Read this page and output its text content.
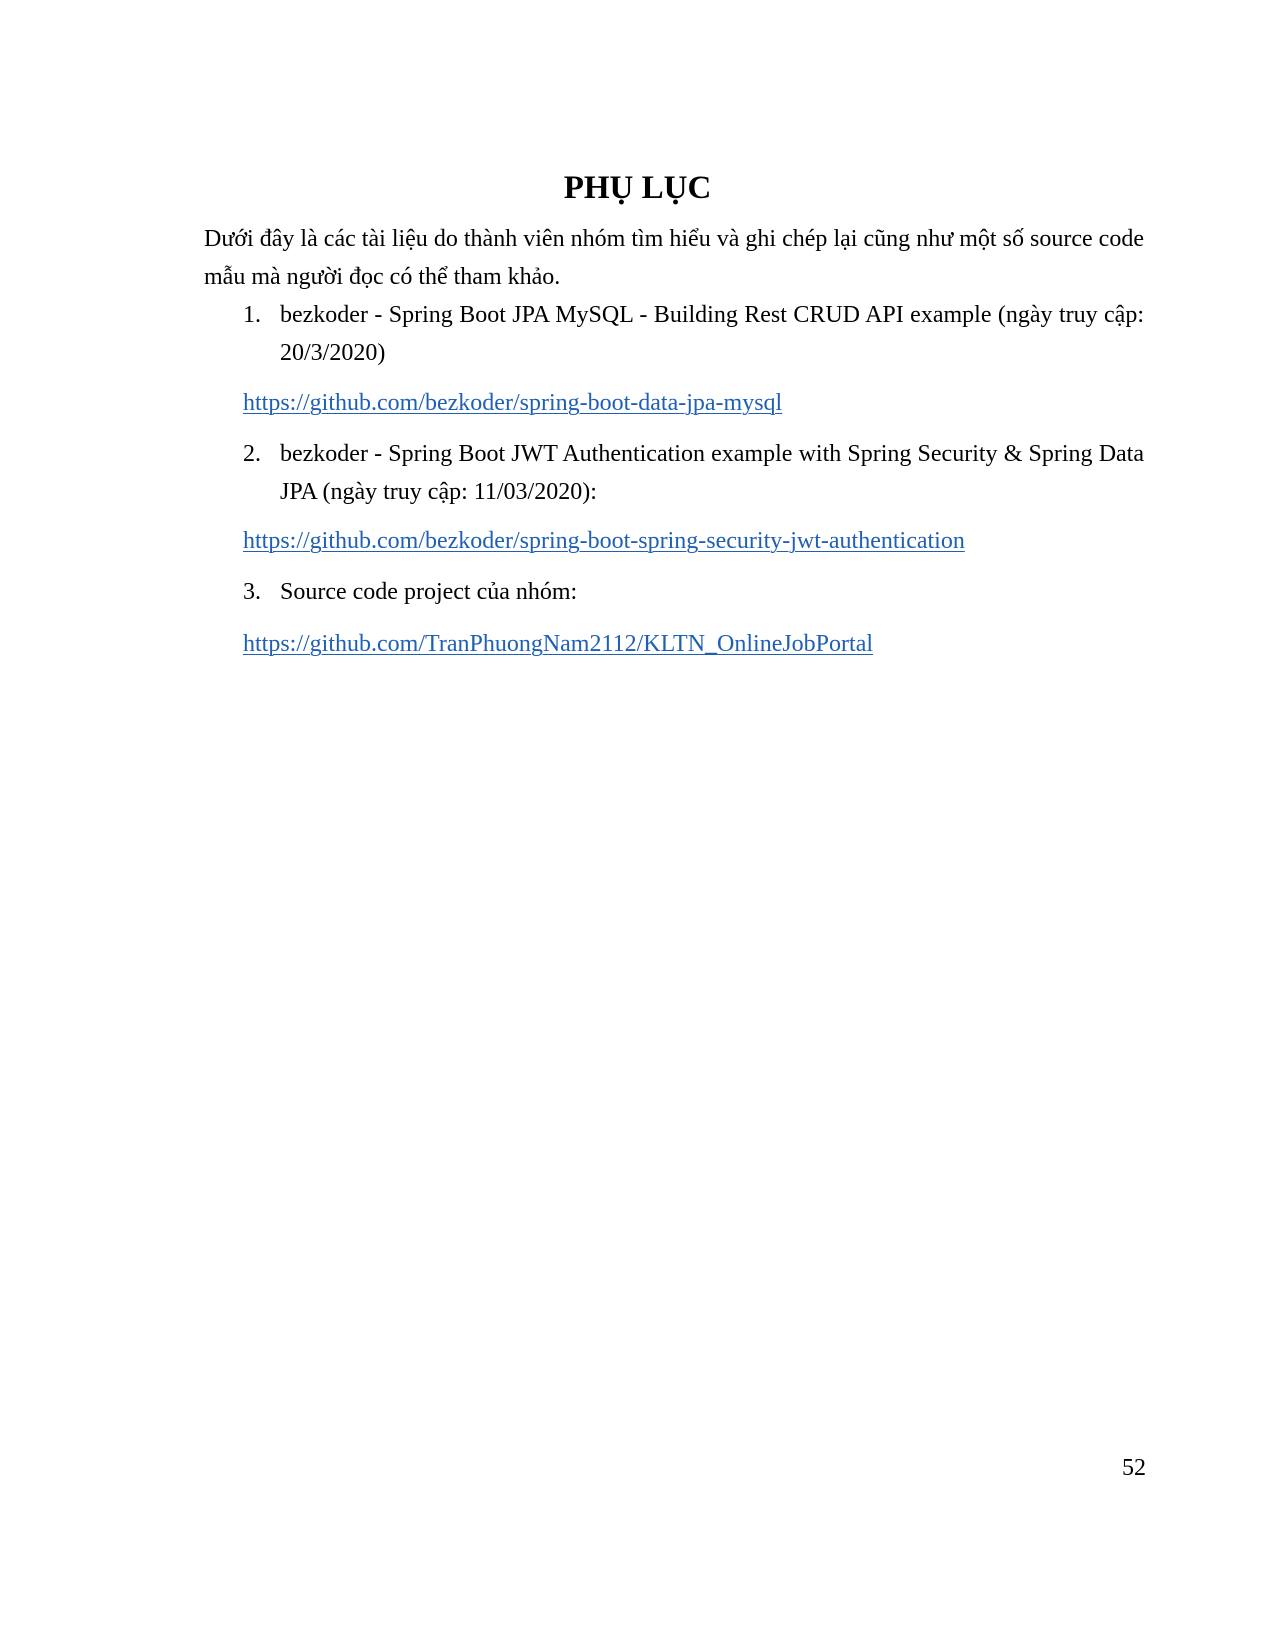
PHỤ LỤC

Dưới đây là các tài liệu do thành viên nhóm tìm hiểu và ghi chép lại cũng như một số source code mẫu mà người đọc có thể tham khảo.

1. bezkoder - Spring Boot JPA MySQL - Building Rest CRUD API example (ngày truy cập: 20/3/2020)
https://github.com/bezkoder/spring-boot-data-jpa-mysql
2. bezkoder - Spring Boot JWT Authentication example with Spring Security & Spring Data JPA (ngày truy cập: 11/03/2020):
https://github.com/bezkoder/spring-boot-spring-security-jwt-authentication
3. Source code project của nhóm:
https://github.com/TranPhuongNam2112/KLTN_OnlineJobPortal

52
